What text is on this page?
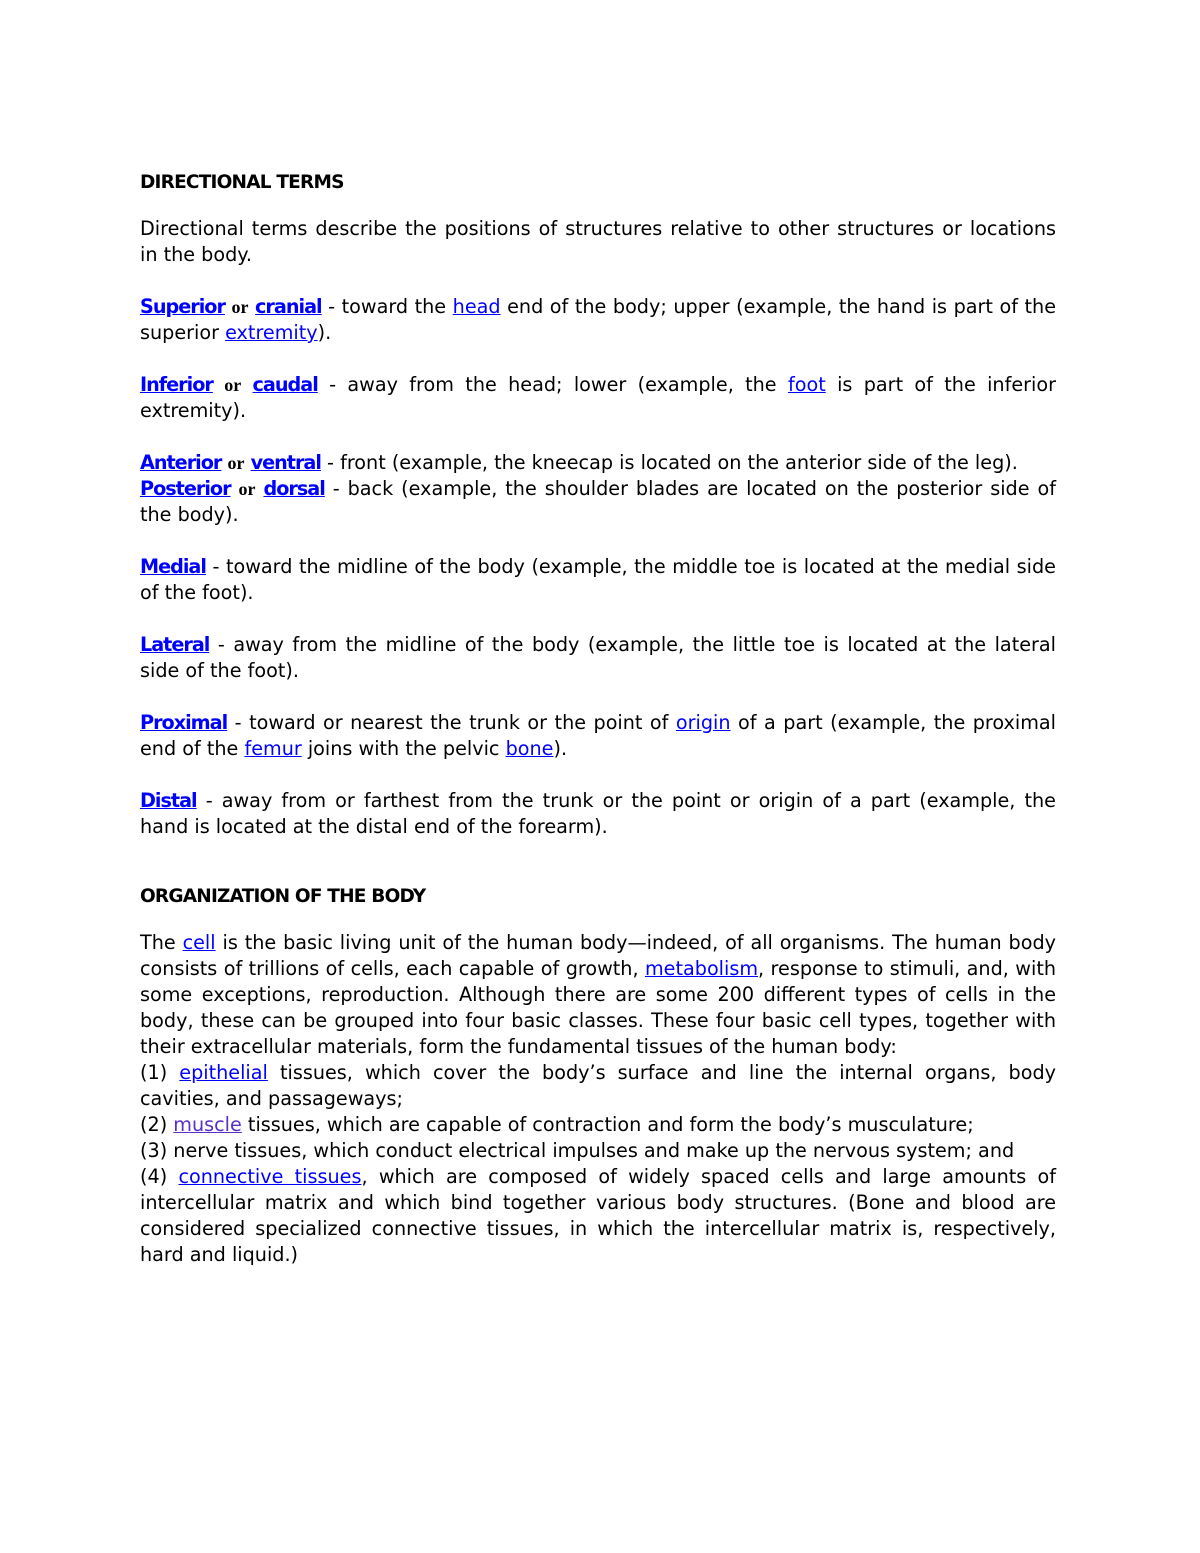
DIRECTIONAL TERMS

Directional terms describe the positions of structures relative to other structures or locations in the body.

Superior or cranial - toward the head end of the body; upper (example, the hand is part of the superior extremity).

Inferior or caudal - away from the head; lower (example, the foot is part of the inferior extremity).

Anterior or ventral - front (example, the kneecap is located on the anterior side of the leg).
Posterior or dorsal - back (example, the shoulder blades are located on the posterior side of the body).

Medial - toward the midline of the body (example, the middle toe is located at the medial side of the foot).

Lateral - away from the midline of the body (example, the little toe is located at the lateral side of the foot).

Proximal - toward or nearest the trunk or the point of origin of a part (example, the proximal end of the femur joins with the pelvic bone).

Distal - away from or farthest from the trunk or the point or origin of a part (example, the hand is located at the distal end of the forearm).

ORGANIZATION OF THE BODY

The cell is the basic living unit of the human body—indeed, of all organisms. The human body consists of trillions of cells, each capable of growth, metabolism, response to stimuli, and, with some exceptions, reproduction. Although there are some 200 different types of cells in the body, these can be grouped into four basic classes. These four basic cell types, together with their extracellular materials, form the fundamental tissues of the human body:

(1) epithelial tissues, which cover the body’s surface and line the internal organs, body cavities, and passageways;

(2) muscle tissues, which are capable of contraction and form the body’s musculature;

(3) nerve tissues, which conduct electrical impulses and make up the nervous system; and

(4) connective tissues, which are composed of widely spaced cells and large amounts of intercellular matrix and which bind together various body structures. (Bone and blood are considered specialized connective tissues, in which the intercellular matrix is, respectively, hard and liquid.)
